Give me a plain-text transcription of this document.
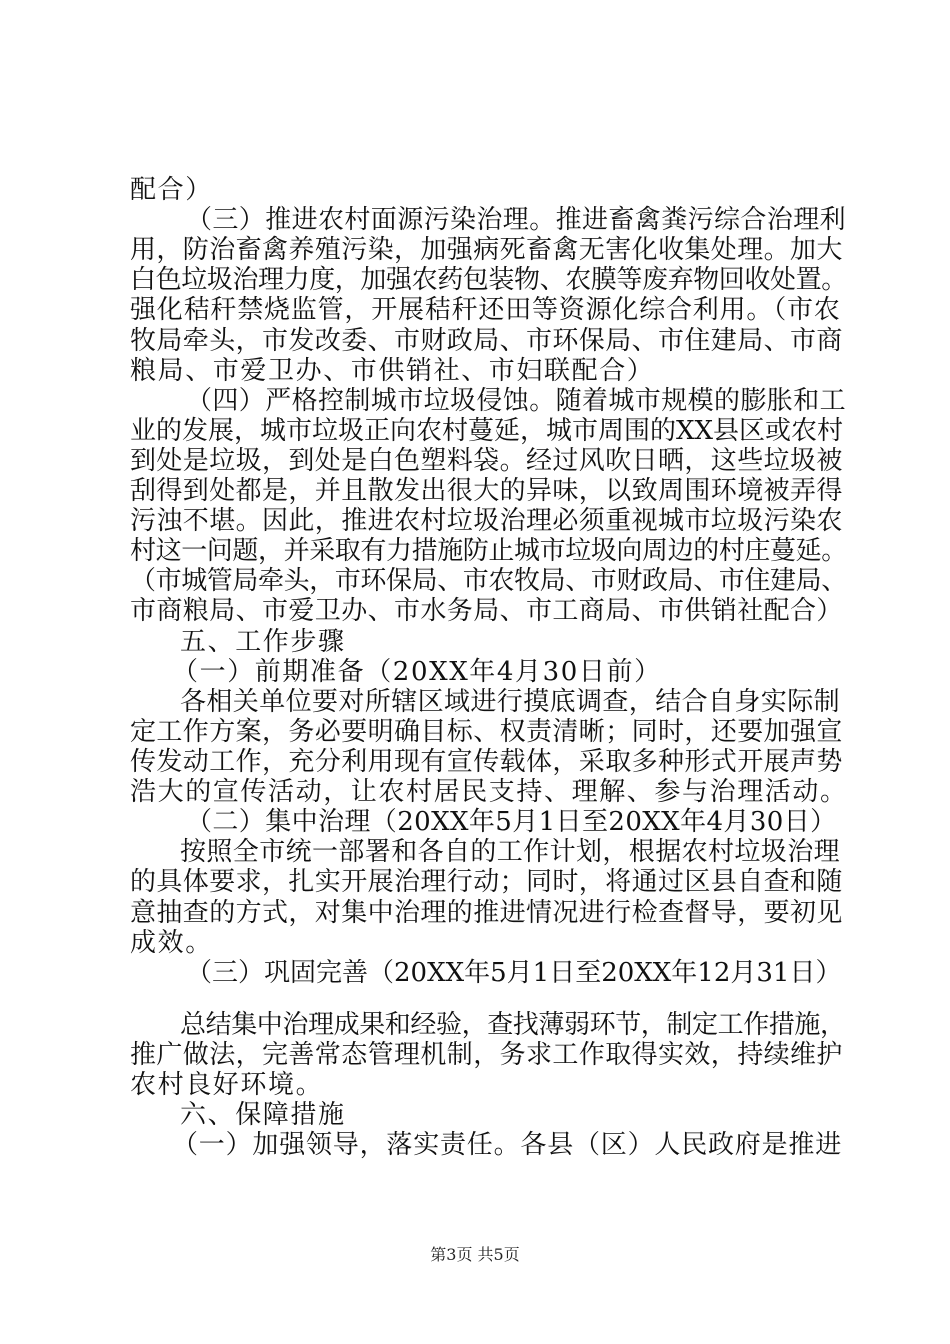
配合）
（三）推进农村面源污染治理。推进畜禽粪污综合治理利
用，防治畜禽养殖污染，加强病死畜禽无害化收集处理。加大
白色垃圾治理力度，加强农药包装物、农膜等废弃物回收处置。
强化秸秆禁烧监管，开展秸秆还田等资源化综合利用。（市农
牧局牵头，市发改委、市财政局、市环保局、市住建局、市商
粮局、市爱卫办、市供销社、市妇联配合）
（四）严格控制城市垃圾侵蚀。随着城市规模的膨胀和工
业的发展，城市垃圾正向农村蔓延，城市周围的XX县区或农村
到处是垃圾，到处是白色塑料袋。经过风吹日晒，这些垃圾被
刮得到处都是，并且散发出很大的异味，以致周围环境被弄得
污浊不堪。因此，推进农村垃圾治理必须重视城市垃圾污染农
村这一问题，并采取有力措施防止城市垃圾向周边的村庄蔓延。
（市城管局牵头，市环保局、市农牧局、市财政局、市住建局、
市商粮局、市爱卫办、市水务局、市工商局、市供销社配合）
五、工作步骤
（一）前期准备（20XX年4月30日前）
各相关单位要对所辖区域进行摸底调查，结合自身实际制
定工作方案，务必要明确目标、权责清晰；同时，还要加强宣
传发动工作，充分利用现有宣传载体，采取多种形式开展声势
浩大的宣传活动，让农村居民支持、理解、参与治理活动。
（二）集中治理（20XX年5月1日至20XX年4月30日）
按照全市统一部署和各自的工作计划，根据农村垃圾治理
的具体要求，扎实开展治理行动；同时，将通过区县自查和随
意抽查的方式，对集中治理的推进情况进行检查督导，要初见
成效。
（三）巩固完善（20XX年5月1日至20XX年12月31日）
总结集中治理成果和经验，查找薄弱环节，制定工作措施，
推广做法，完善常态管理机制，务求工作取得实效，持续维护
农村良好环境。
六、保障措施
（一）加强领导，落实责任。各县（区）人民政府是推进
第3页 共5页
